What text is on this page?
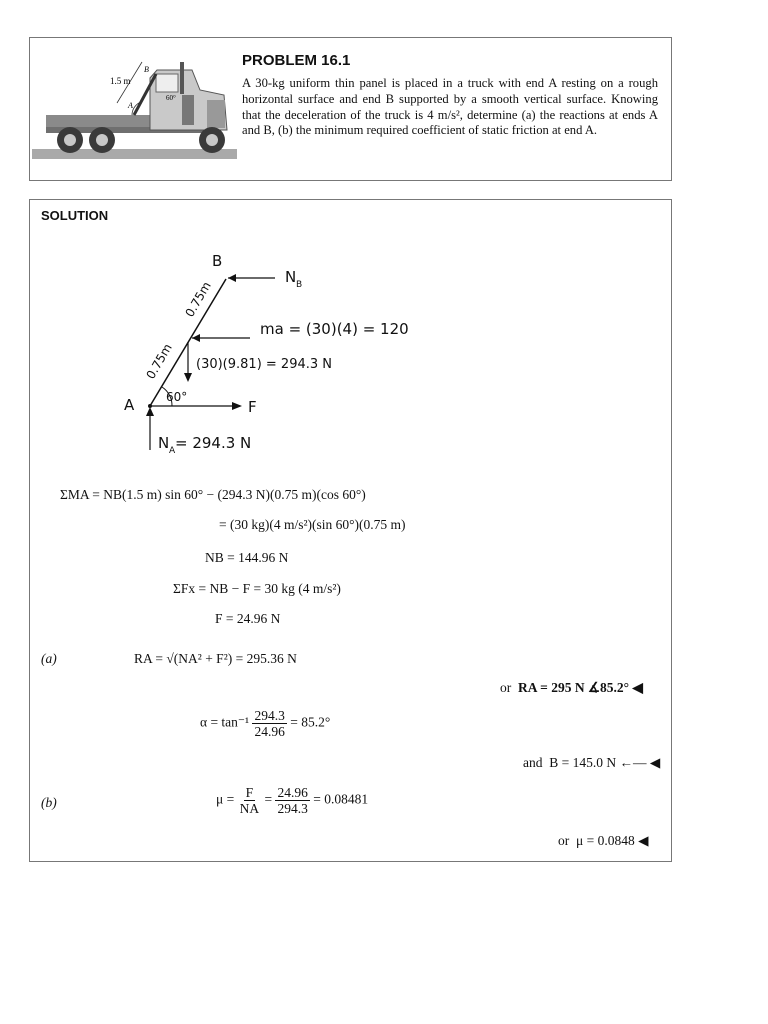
1.5 m
B
A
60°
PROBLEM 16.1
A 30-kg uniform thin panel is placed in a truck with end A resting on a rough horizontal surface and end B supported by a smooth vertical surface. Knowing that the deceleration of the truck is 4 m/s², determine (a) the reactions at ends A and B, (b) the minimum required coefficient of static friction at end A.
SOLUTION
B
A
N B
ma = (30)(4) = 120
(30)(9.81) = 294.3 N
60°
F
N A = 294.3 N
0.75m
0.75m
ΣMA = NB(1.5 m) sin 60° − (294.3 N)(0.75 m)(cos 60°)
= (30 kg)(4 m/s²)(sin 60°)(0.75 m)
NB = 144.96 N
ΣFx = NB − F = 30 kg (4 m/s²)
F = 24.96 N
(a)	RA = √(NA² + F²) = 295.36 N
or RA = 295 N ∡85.2° ◀
$\alpha = \tan^{-1} \frac{294.3}{24.96} = 85.2^\circ$
and B = 145.0 N ←— ◀
(b)	$\mu = \frac{F}{NA} = \frac{24.96}{294.3} = 0.08481$
or μ = 0.0848 ◀
